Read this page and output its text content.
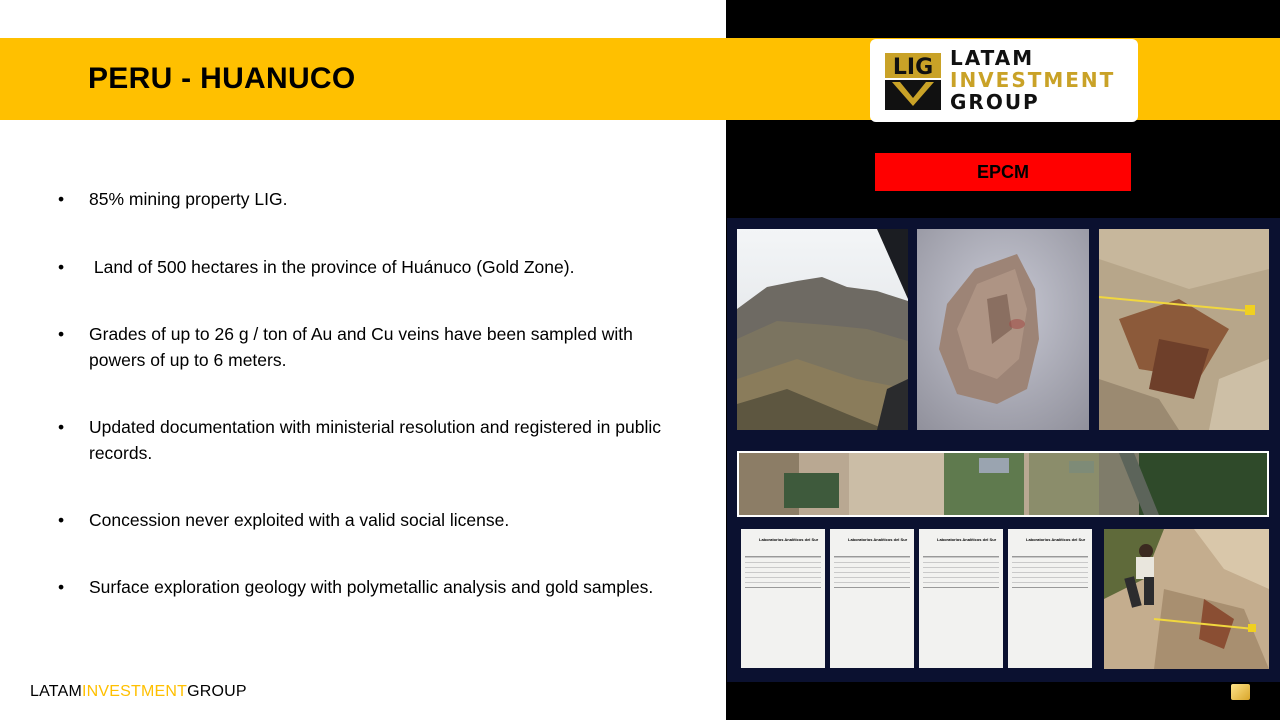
PERU - HUANUCO	LIG LATAM
INVESTMENT
GROUP
EPCM
• 85% mining property LIG.
• Land of 500 hectares in the province of Huánuco (Gold Zone).
• Grades of up to 26 g / ton of Au and Cu veins have been sampled with powers of up to 6 meters.
• Updated documentation with ministerial resolution and registered in public records.
• Concession never exploited with a valid social license.
• Surface exploration geology with polymetallic analysis and gold samples.
Laboratorios Analíticos del Sur	Laboratorios Analíticos del Sur	Laboratorios Analíticos del Sur	Laboratorios Analíticos del Sur
LATAMINVESTMENTGROUP
